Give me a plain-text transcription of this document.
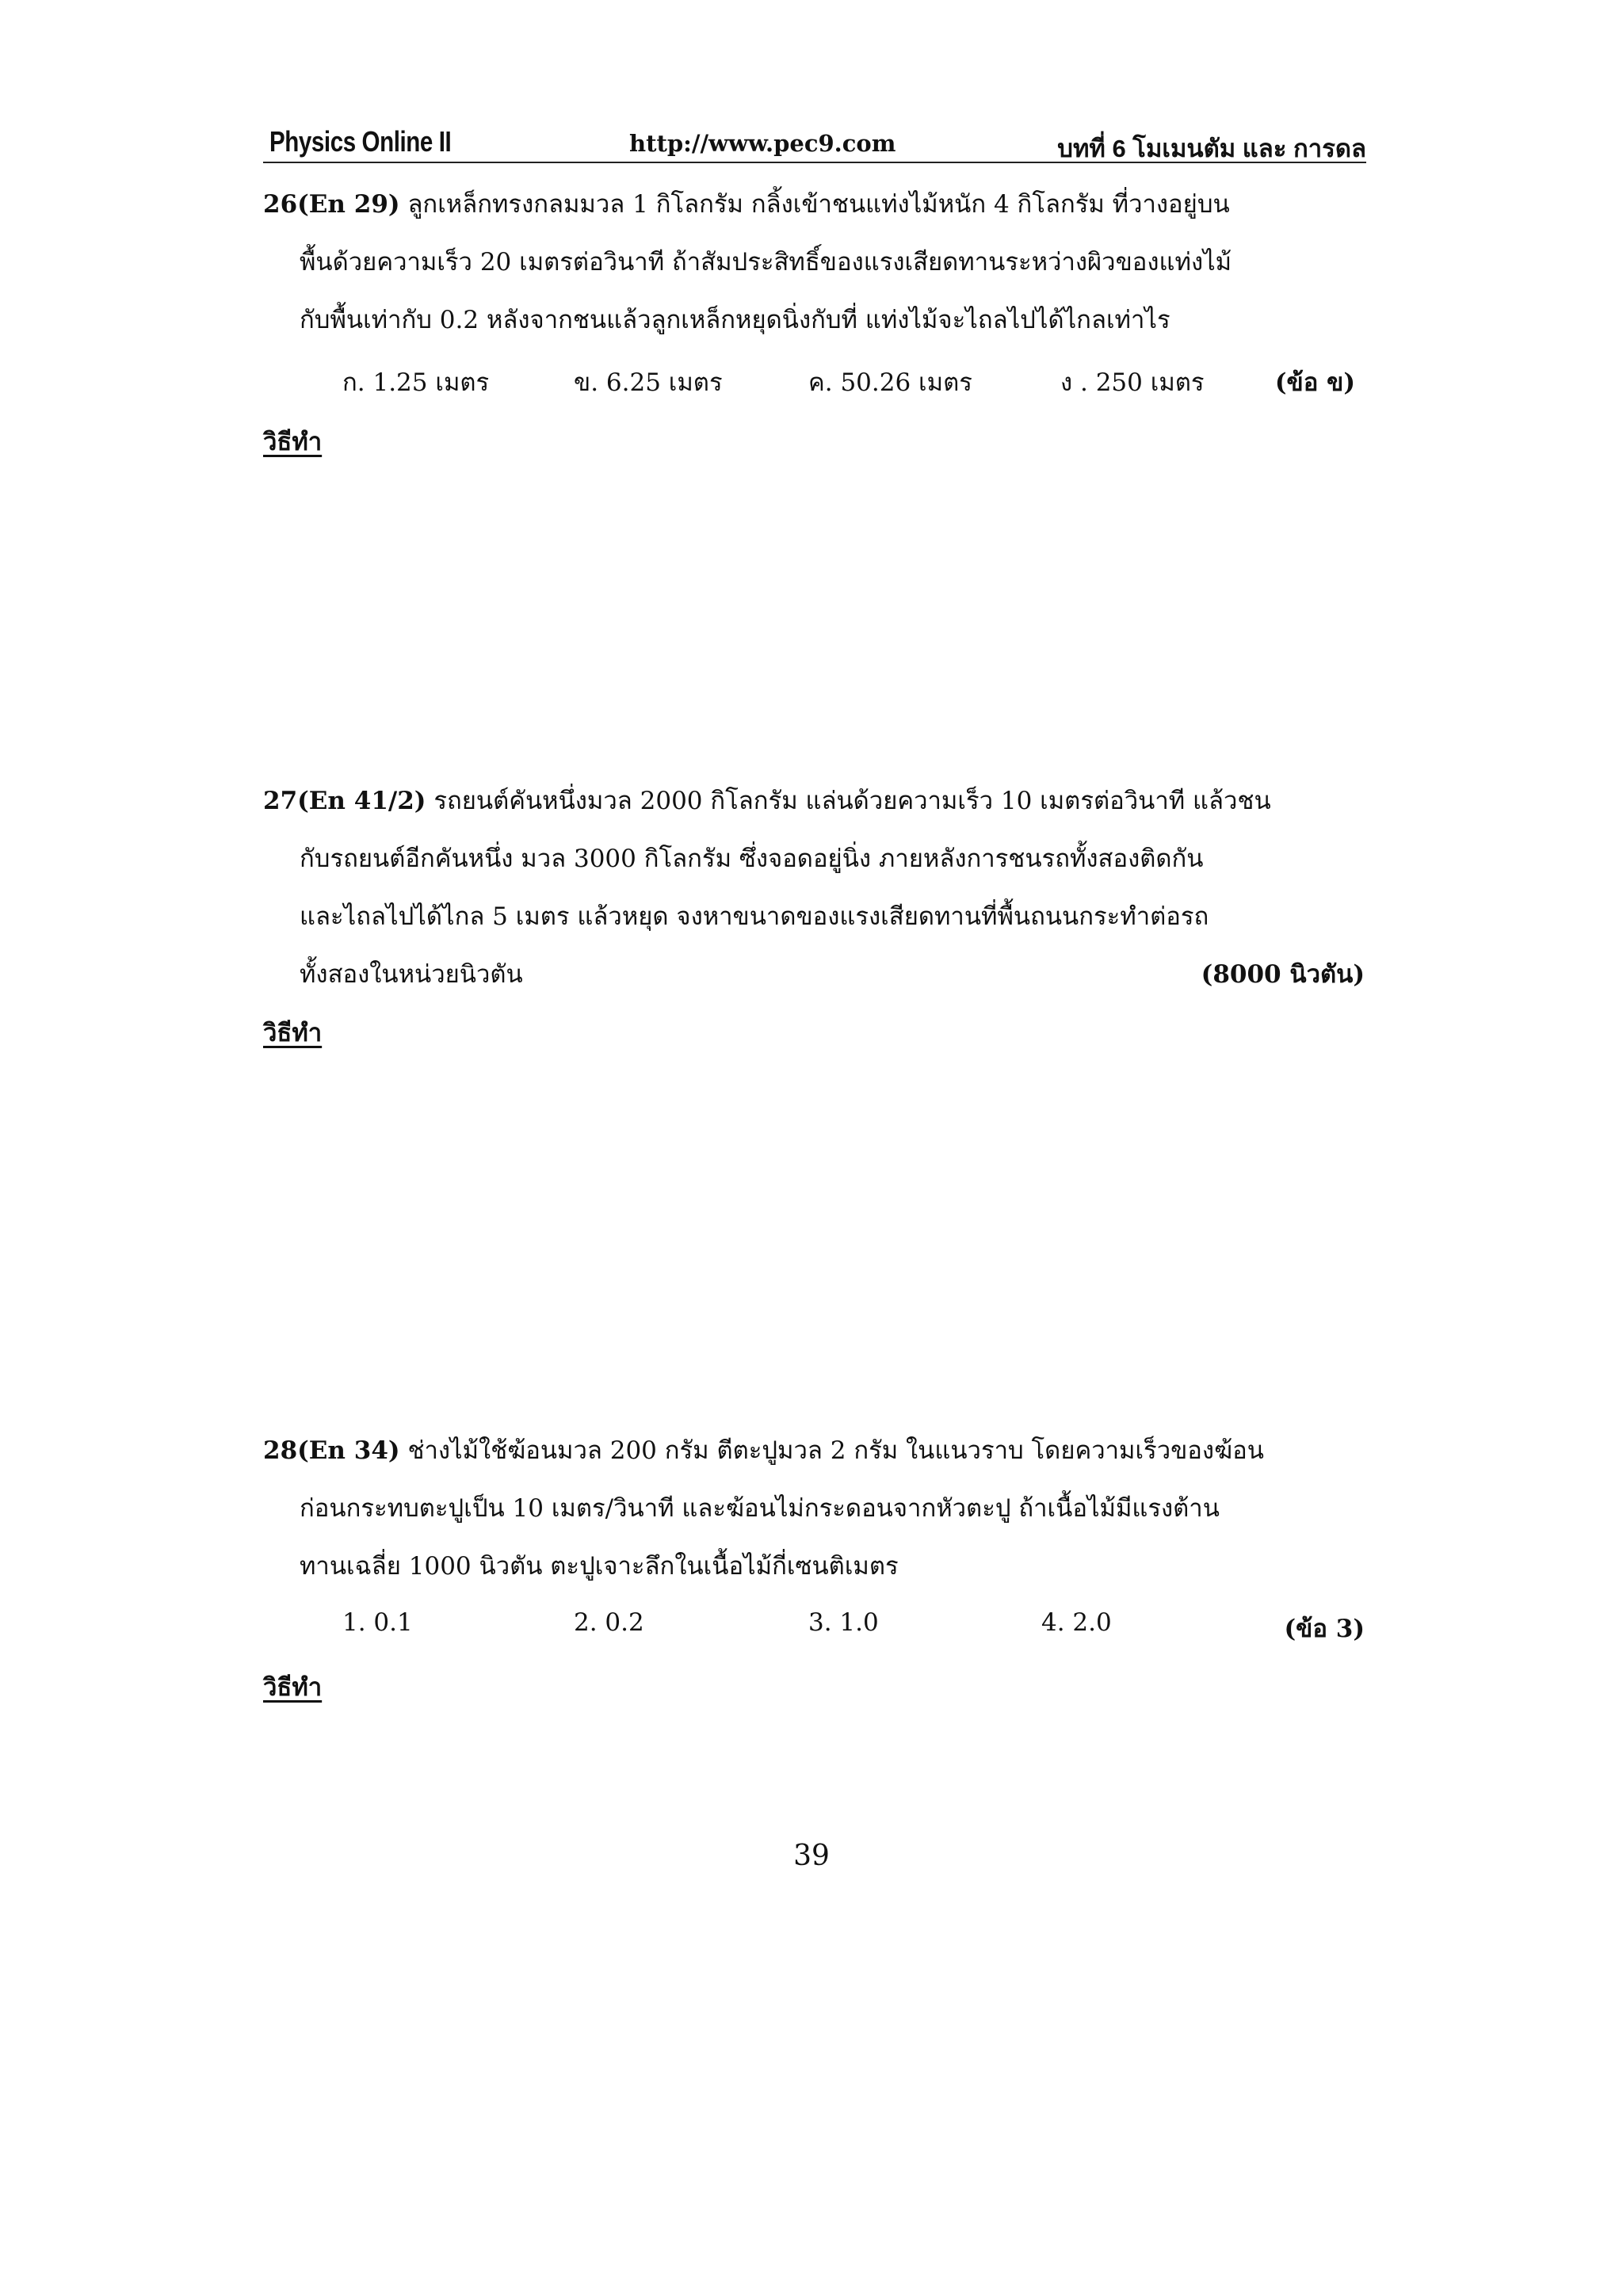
Physics Online II	http://www.pec9.com	บทที่ 6 โมเมนตัม และ การดล
26(En 29) ลูกเหล็กทรงกลมมวล 1 กิโลกรัม กลิ้งเข้าชนแท่งไม้หนัก 4 กิโลกรัม ที่วางอยู่บน
พื้นด้วยความเร็ว 20 เมตรต่อวินาที ถ้าสัมประสิทธิ์ของแรงเสียดทานระหว่างผิวของแท่งไม้
กับพื้นเท่ากับ 0.2 หลังจากชนแล้วลูกเหล็กหยุดนิ่งกับที่ แท่งไม้จะไถลไปได้ไกลเท่าไร
ก. 1.25 เมตร	ข. 6.25 เมตร	ค. 50.26 เมตร	ง . 250 เมตร	(ข้อ ข)
วิธีทำ
27(En 41/2) รถยนต์คันหนึ่งมวล 2000 กิโลกรัม แล่นด้วยความเร็ว 10 เมตรต่อวินาที แล้วชน
กับรถยนต์อีกคันหนึ่ง มวล 3000 กิโลกรัม ซึ่งจอดอยู่นิ่ง ภายหลังการชนรถทั้งสองติดกัน
และไถลไปได้ไกล 5 เมตร แล้วหยุด จงหาขนาดของแรงเสียดทานที่พื้นถนนกระทำต่อรถ
ทั้งสองในหน่วยนิวตัน	(8000 นิวตัน)
วิธีทำ
28(En 34) ช่างไม้ใช้ฆ้อนมวล 200 กรัม ตีตะปูมวล 2 กรัม ในแนวราบ โดยความเร็วของฆ้อน
ก่อนกระทบตะปูเป็น 10 เมตร/วินาที และฆ้อนไม่กระดอนจากหัวตะปู ถ้าเนื้อไม้มีแรงต้าน
ทานเฉลี่ย 1000 นิวตัน ตะปูเจาะลึกในเนื้อไม้กี่เซนติเมตร
1. 0.1	2. 0.2	3. 1.0	4. 2.0	(ข้อ 3)
วิธีทำ
39
